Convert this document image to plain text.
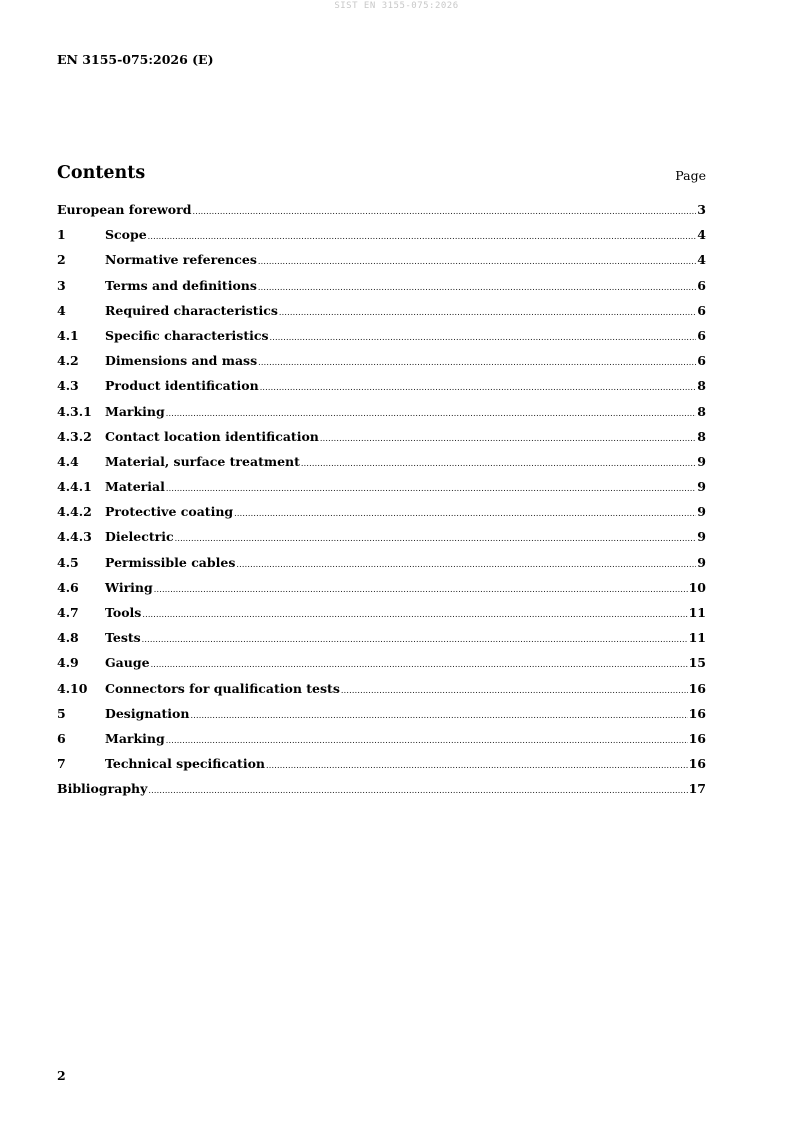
SIST EN 3155-075:2026
EN 3155-075:2026 (E)
Contents	Page
European foreword .....	3
1	Scope .....	4
2	Normative references .....	4
3	Terms and definitions .....	6
4	Required characteristics .....	6
4.1	Specific characteristics .....	6
4.2	Dimensions and mass .....	6
4.3	Product identification .....	8
4.3.1	Marking .....	8
4.3.2	Contact location identification .....	8
4.4	Material, surface treatment .....	9
4.4.1	Material .....	9
4.4.2	Protective coating .....	9
4.4.3	Dielectric .....	9
4.5	Permissible cables .....	9
4.6	Wiring .....	10
4.7	Tools .....	11
4.8	Tests .....	11
4.9	Gauge .....	15
4.10	Connectors for qualification tests .....	16
5	Designation .....	16
6	Marking .....	16
7	Technical specification .....	16
Bibliography .....	17
2
